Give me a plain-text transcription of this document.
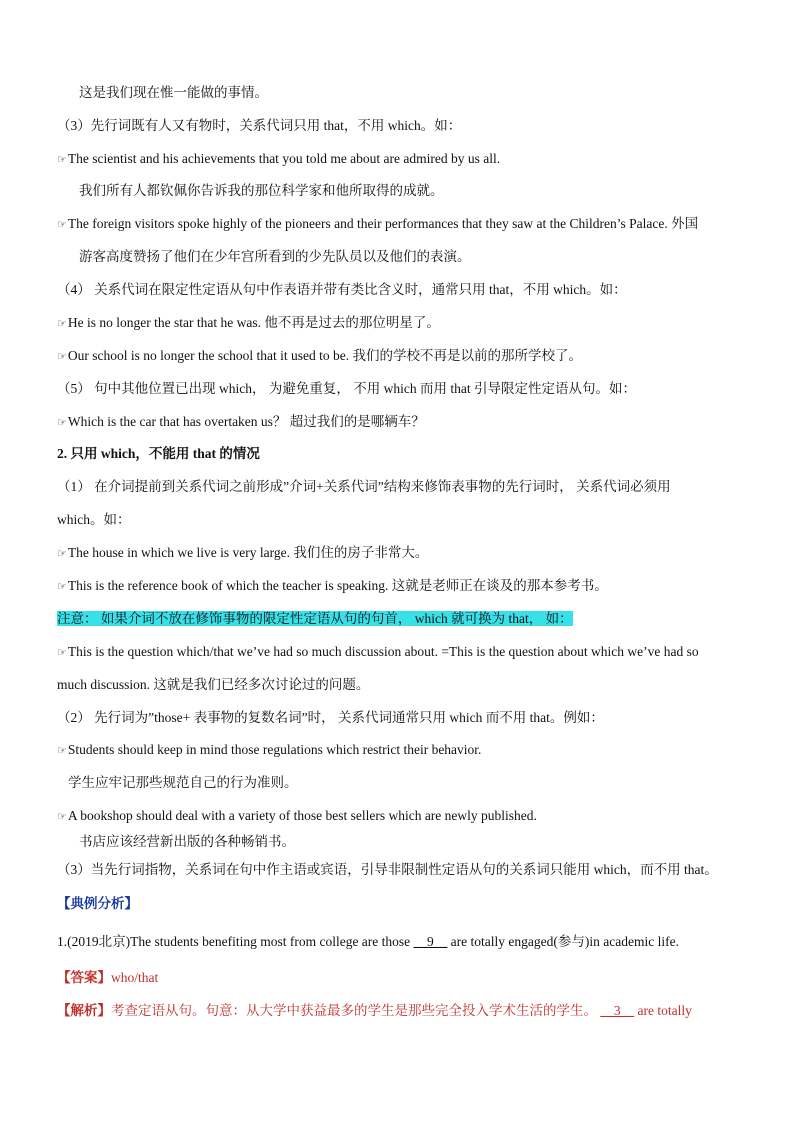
这是我们现在惟一能做的事情。
（3）先行词既有人又有物时，关系代词只用 that，不用 which。如：
☞The scientist and his achievements that you told me about are admired by us all.
我们所有人都钦佩你告诉我的那位科学家和他所取得的成就。
☞The foreign visitors spoke highly of the pioneers and their performances that they saw at the Children’s Palace. 外国
游客高度赞扬了他们在少年宫所看到的少先队员以及他们的表演。
（4） 关系代词在限定性定语从句中作表语并带有类比含义时，通常只用 that，不用 which。如：
☞He is no longer the star that he was. 他不再是过去的那位明星了。
☞Our school is no longer the school that it used to be. 我们的学校不再是以前的那所学校了。
（5） 句中其他位置已出现 which， 为避免重复， 不用 which 而用 that 引导限定性定语从句。如：
☞Which is the car that has overtaken us？ 超过我们的是哪辆车？
2. 只用 which，不能用 that 的情况
（1） 在介词提前到关系代词之前形成”介词+关系代词”结构来修饰表事物的先行词时， 关系代词必须用
which。如：
☞The house in which we live is very large. 我们住的房子非常大。
☞This is the reference book of which the teacher is speaking. 这就是老师正在谈及的那本参考书。
注意： 如果介词不放在修饰事物的限定性定语从句的句首， which 就可换为 that， 如：
☞This is the question which/that we’ve had so much discussion about. =This is the question about which we’ve had so
much discussion. 这就是我们已经多次讨论过的问题。
（2） 先行词为”those+ 表事物的复数名词”时， 关系代词通常只用 which 而不用 that。例如：
☞Students should keep in mind those regulations which restrict their behavior.
学生应牢记那些规范自己的行为准则。
☞A bookshop should deal with a variety of those best sellers which are newly published.
书店应该经营新出版的各种畅销书。
（3）当先行词指物，关系词在句中作主语或宾语，引导非限制性定语从句的关系词只能用 which，而不用 that。
【典例分析】
1.(2019北京)The students benefiting most from college are those __9__ are totally engaged(参与)in academic life.
【答案】who/that
【解析】考查定语从句。句意：从大学中获益最多的学生是那些完全投入学术生活的学生。 __3__ are totally
